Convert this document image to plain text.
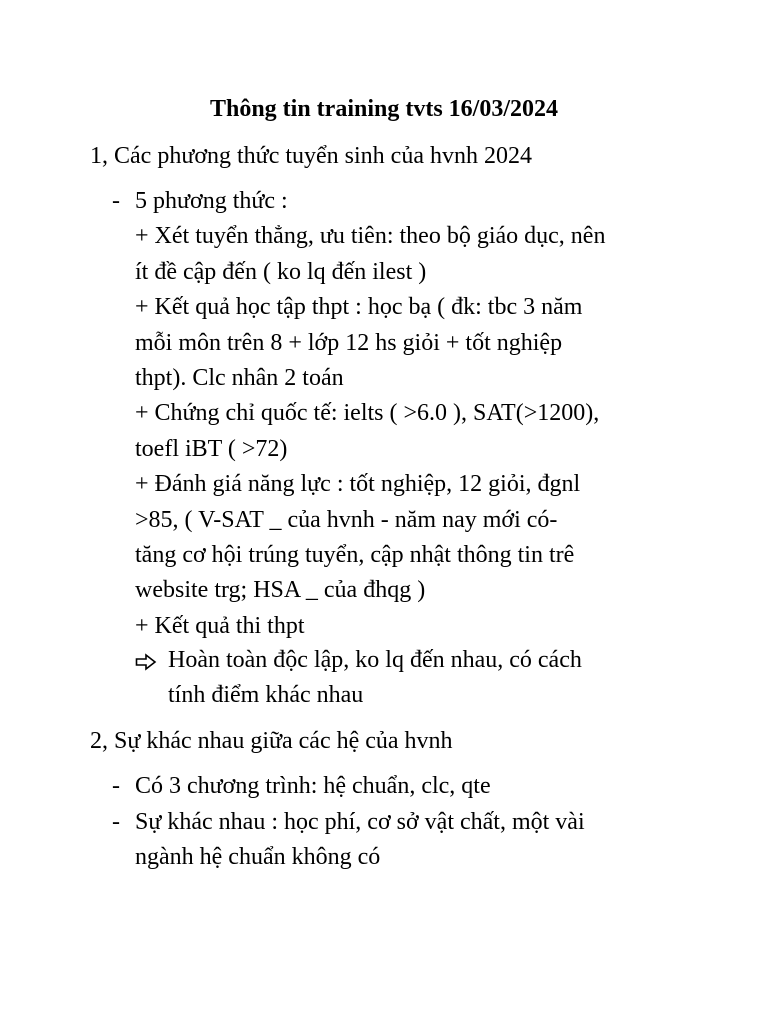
Thông tin training tvts 16/03/2024
1, Các phương thức tuyển sinh của hvnh 2024
- 5 phương thức :
+ Xét tuyển thẳng, ưu tiên: theo bộ giáo dục, nên
ít đề cập đến ( ko lq đến ilest )
+ Kết quả học tập thpt : học bạ ( đk: tbc 3 năm
mỗi môn trên 8 + lớp 12 hs giỏi + tốt nghiệp
thpt). Clc nhân 2 toán
+ Chứng chỉ quốc tế: ielts ( >6.0 ), SAT(>1200),
toefl iBT ( >72)
+ Đánh giá năng lực : tốt nghiệp, 12 giỏi, đgnl
>85, ( V-SAT _ của hvnh - năm nay mới có-
tăng cơ hội trúng tuyển, cập nhật thông tin trê
website trg; HSA _ của đhqg )
+ Kết quả thi thpt
Hoàn toàn độc lập, ko lq đến nhau, có cách
tính điểm khác nhau
2, Sự khác nhau giữa các hệ của hvnh
- Có 3 chương trình: hệ chuẩn, clc, qte
- Sự khác nhau : học phí, cơ sở vật chất, một vài
ngành hệ chuẩn không có
